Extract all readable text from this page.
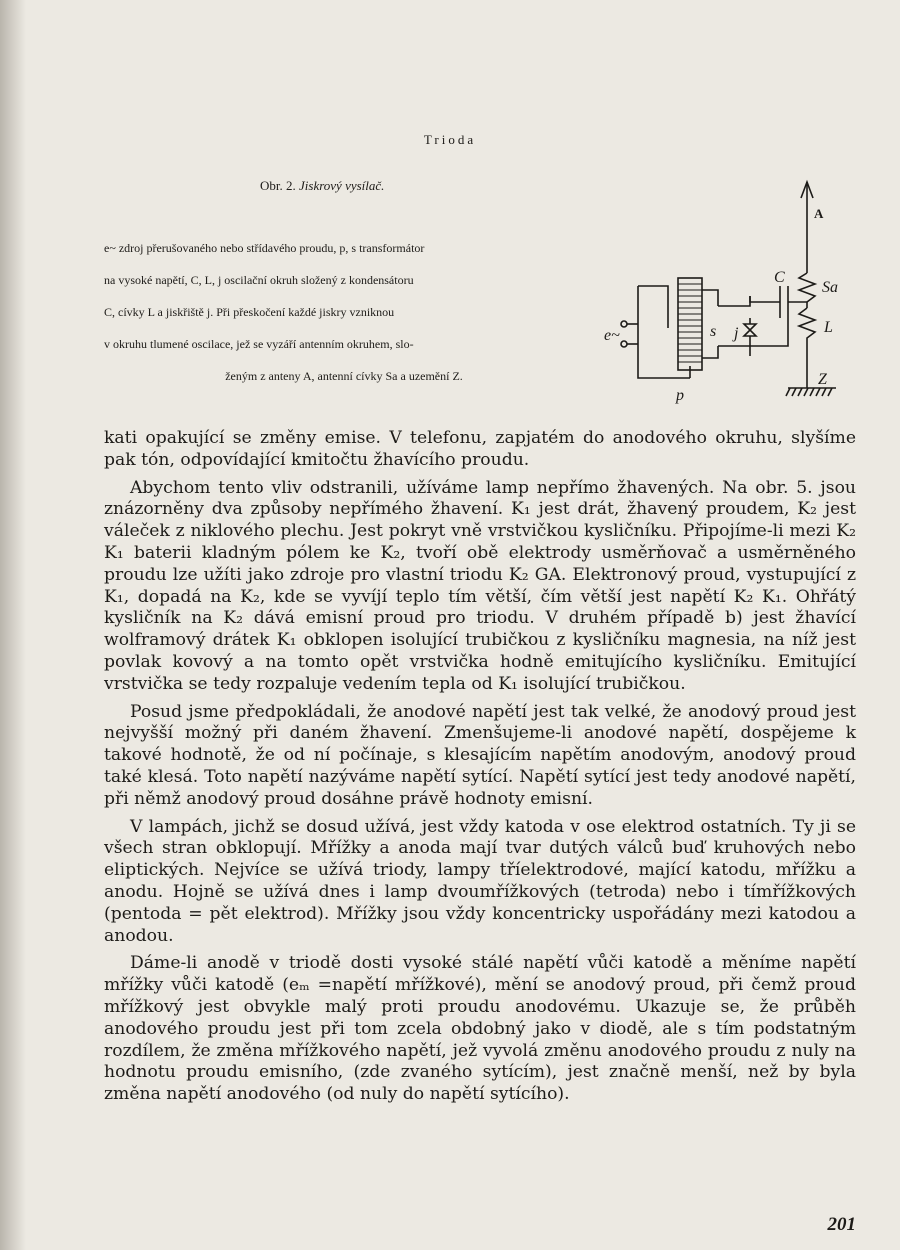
Trioda
Obr. 2. Jiskrový vysílač.

e~ zdroj přerušovaného nebo střídavého proudu, p, s transformátor

na vysoké napětí, C, L, j oscilační okruh složený z kondensátoru

C, cívky L a jiskřiště j. Při přeskočení každé jiskry vzniknou

v okruhu tlumené oscilace, jež se vyzáří antenním okruhem, slo-

ženým z anteny A, antenní cívky Sa a uzemění Z.

A
C
Sa
L
e~	s j
p
Z

kati opakující se změny emise. V telefonu, zapjatém do anodového okruhu, slyšíme pak tón, odpovídající kmitočtu žhavícího proudu.

Abychom tento vliv odstranili, užíváme lamp nepřímo žhavených. Na obr. 5. jsou znázorněny dva způsoby nepřímého žhavení. K₁ jest drát, žhavený proudem, K₂ jest váleček z niklového plechu. Jest pokryt vně vrstvičkou kysličníku. Připojíme-li mezi K₂ K₁ baterii kladným pólem ke K₂, tvoří obě elektrody usměrňovač a usměrněného proudu lze užíti jako zdroje pro vlastní triodu K₂ GA. Elektronový proud, vystupující z K₁, dopadá na K₂, kde se vyvíjí teplo tím větší, čím větší jest napětí K₂ K₁. Ohřátý kysličník na K₂ dává emisní proud pro triodu. V druhém případě b) jest žhavící wolframový drátek K₁ obklopen isolující trubičkou z kysličníku magnesia, na níž jest povlak kovový a na tomto opět vrstvička hodně emitujícího kysličníku. Emitující vrstvička se tedy rozpaluje vedením tepla od K₁ isolující trubičkou.

Posud jsme předpokládali, že anodové napětí jest tak velké, že anodový proud jest nejvyšší možný při daném žhavení. Zmenšujeme-li anodové napětí, dospějeme k takové hodnotě, že od ní počínaje, s klesajícím napětím anodovým, anodový proud také klesá. Toto napětí nazýváme napětí sytící. Napětí sytící jest tedy anodové napětí, při němž anodový proud dosáhne právě hodnoty emisní.

V lampách, jichž se dosud užívá, jest vždy katoda v ose elektrod ostatních. Ty ji se všech stran obklopují. Mřížky a anoda mají tvar dutých válců buď kruhových nebo eliptických. Nejvíce se užívá triody, lampy tříelektrodové, mající katodu, mřížku a anodu. Hojně se užívá dnes i lamp dvoumřížkových (tetroda) nebo i tímřížkových (pentoda = pět elektrod). Mřížky jsou vždy koncentricky uspořádány mezi katodou a anodou.

Dáme-li anodě v triodě dosti vysoké stálé napětí vůči katodě a měníme napětí mřížky vůči katodě (eₘ =napětí mřížkové), mění se anodový proud, při čemž proud mřížkový jest obvykle malý proti proudu anodovému. Ukazuje se, že průběh anodového proudu jest při tom zcela obdobný jako v diodě, ale s tím podstatným rozdílem, že změna mřížkového napětí, jež vyvolá změnu anodového proudu z nuly na hodnotu proudu emisního, (zde zvaného sytícím), jest značně menší, než by byla změna napětí anodového (od nuly do napětí sytícího).

201
